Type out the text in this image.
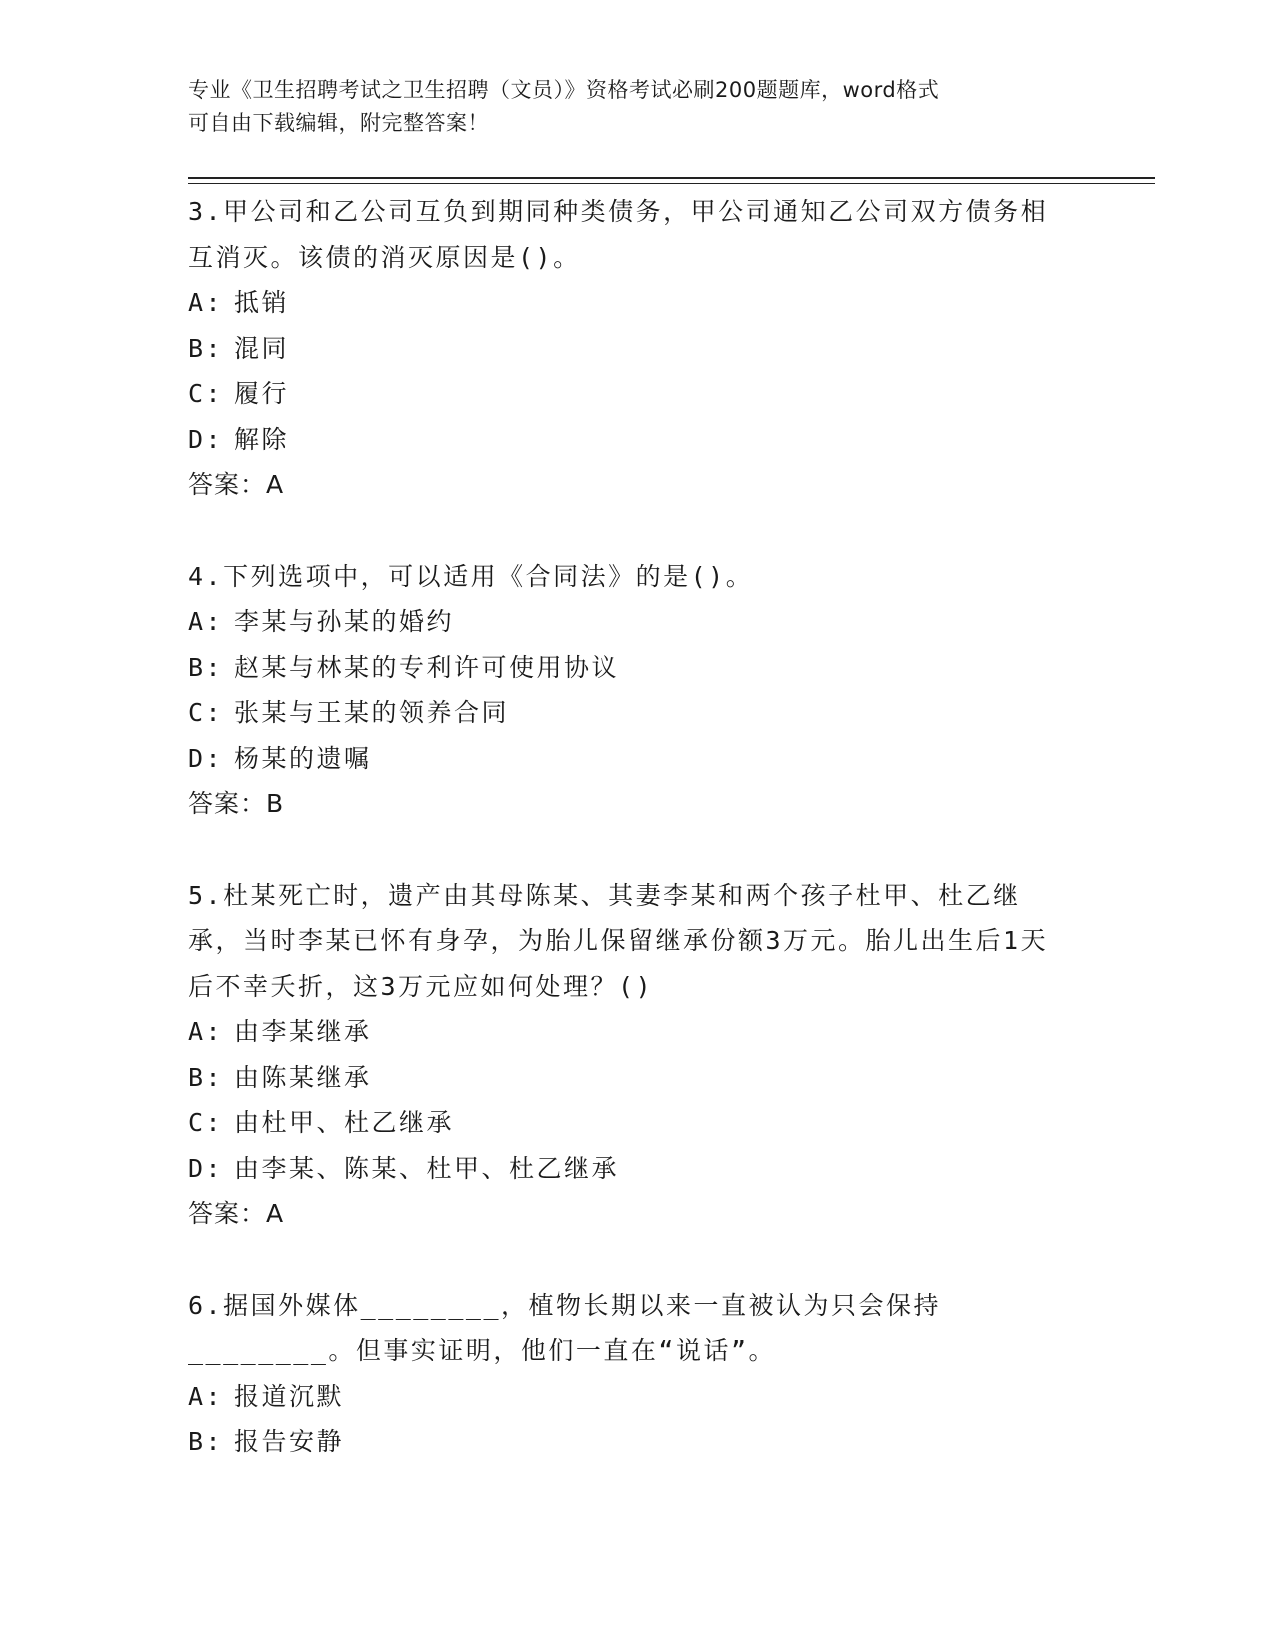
专业《卫生招聘考试之卫生招聘（文员）》资格考试必刷200题题库，word格式
可自由下载编辑，附完整答案！
3.甲公司和乙公司互负到期同种类债务，甲公司通知乙公司双方债务相互消灭。该债的消灭原因是()。
A: 抵销
B: 混同
C: 履行
D: 解除
答案：A
4.下列选项中，可以适用《合同法》的是()。
A: 李某与孙某的婚约
B: 赵某与林某的专利许可使用协议
C: 张某与王某的领养合同
D: 杨某的遗嘱
答案：B
5.杜某死亡时，遗产由其母陈某、其妻李某和两个孩子杜甲、杜乙继承，当时李某已怀有身孕，为胎儿保留继承份额3万元。胎儿出生后1天后不幸夭折，这3万元应如何处理？()
A: 由李某继承
B: 由陈某继承
C: 由杜甲、杜乙继承
D: 由李某、陈某、杜甲、杜乙继承
答案：A
6.据国外媒体________，植物长期以来一直被认为只会保持________。但事实证明，他们一直在“说话”。
A: 报道沉默
B: 报告安静
